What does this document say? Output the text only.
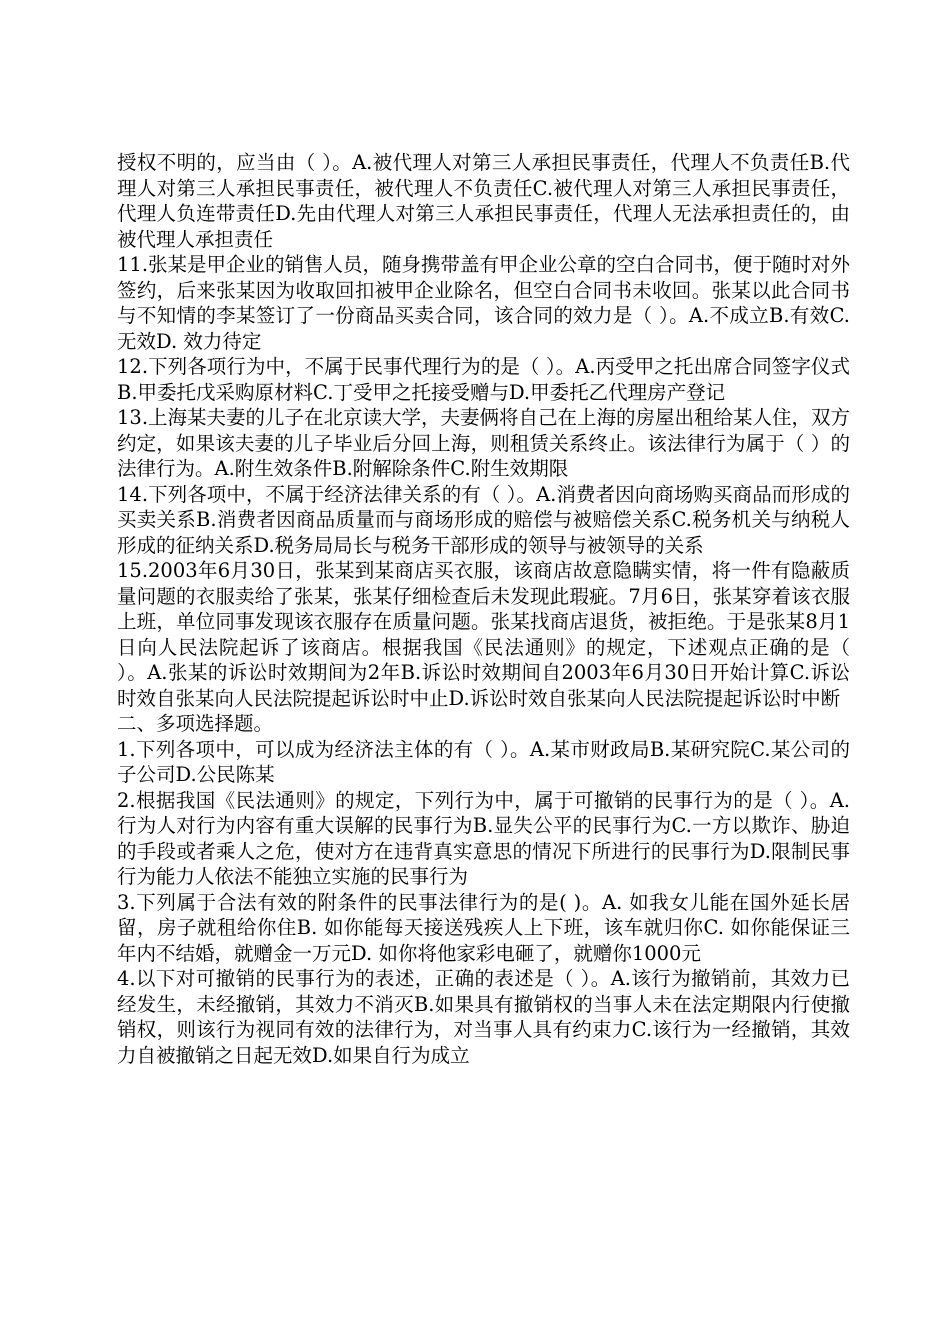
授权不明的，应当由（ ）。A.被代理人对第三人承担民事责任，代理人不负责任B.代理人对第三人承担民事责任，被代理人不负责任C.被代理人对第三人承担民事责任，代理人负连带责任D.先由代理人对第三人承担民事责任，代理人无法承担责任的，由被代理人承担责任

11.张某是甲企业的销售人员，随身携带盖有甲企业公章的空白合同书，便于随时对外签约，后来张某因为收取回扣被甲企业除名，但空白合同书未收回。张某以此合同书与不知情的李某签订了一份商品买卖合同，该合同的效力是（ ）。A.不成立B.有效C. 无效D. 效力待定

12.下列各项行为中，不属于民事代理行为的是（ ）。A.丙受甲之托出席合同签字仪式B.甲委托戊采购原材料C.丁受甲之托接受赠与D.甲委托乙代理房产登记

13.上海某夫妻的儿子在北京读大学，夫妻俩将自己在上海的房屋出租给某人住，双方约定，如果该夫妻的儿子毕业后分回上海，则租赁关系终止。该法律行为属于（ ）的法律行为。A.附生效条件B.附解除条件C.附生效期限

14.下列各项中，不属于经济法律关系的有（ ）。A.消费者因向商场购买商品而形成的买卖关系B.消费者因商品质量而与商场形成的赔偿与被赔偿关系C.税务机关与纳税人形成的征纳关系D.税务局局长与税务干部形成的领导与被领导的关系

15.2003年6月30日，张某到某商店买衣服，该商店故意隐瞒实情，将一件有隐蔽质量问题的衣服卖给了张某，张某仔细检查后未发现此瑕疵。7月6日，张某穿着该衣服上班，单位同事发现该衣服存在质量问题。张某找商店退货，被拒绝。于是张某8月1日向人民法院起诉了该商店。根据我国《民法通则》的规定，下述观点正确的是（ ）。A.张某的诉讼时效期间为2年B.诉讼时效期间自2003年6月30日开始计算C.诉讼时效自张某向人民法院提起诉讼时中止D.诉讼时效自张某向人民法院提起诉讼时中断

二、多项选择题。

1.下列各项中，可以成为经济法主体的有（ ）。A.某市财政局B.某研究院C.某公司的子公司D.公民陈某

2.根据我国《民法通则》的规定，下列行为中，属于可撤销的民事行为的是（ ）。A.行为人对行为内容有重大误解的民事行为B.显失公平的民事行为C.一方以欺诈、胁迫的手段或者乘人之危，使对方在违背真实意思的情况下所进行的民事行为D.限制民事行为能力人依法不能独立实施的民事行为

3.下列属于合法有效的附条件的民事法律行为的是( )。A. 如我女儿能在国外延长居留，房子就租给你住B. 如你能每天接送残疾人上下班，该车就归你C. 如你能保证三年内不结婚，就赠金一万元D. 如你将他家彩电砸了，就赠你1000元

4.以下对可撤销的民事行为的表述，正确的表述是（ ）。A.该行为撤销前，其效力已经发生，未经撤销，其效力不消灭B.如果具有撤销权的当事人未在法定期限内行使撤销权，则该行为视同有效的法律行为，对当事人具有约束力C.该行为一经撤销，其效力自被撤销之日起无效D.如果自行为成立
